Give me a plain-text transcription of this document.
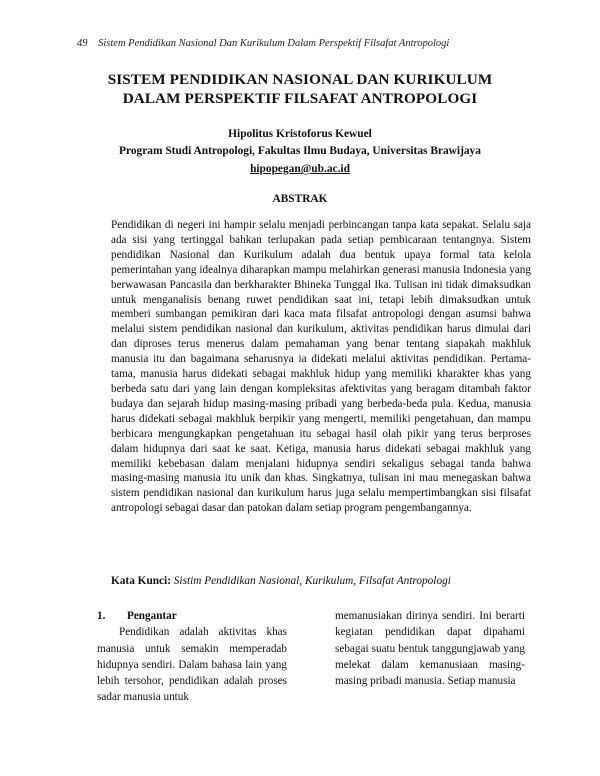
49 Sistem Pendidikan Nasional Dan Kurikulum Dalam Perspektif Filsafat Antropologi
SISTEM PENDIDIKAN NASIONAL DAN KURIKULUM
DALAM PERSPEKTIF FILSAFAT ANTROPOLOGI
Hipolitus Kristoforus Kewuel
Program Studi Antropologi, Fakultas Ilmu Budaya, Universitas Brawijaya
hipopegan@ub.ac.id
ABSTRAK

Pendidikan di negeri ini hampir selalu menjadi perbincangan tanpa kata sepakat. Selalu saja ada sisi yang tertinggal bahkan terlupakan pada setiap pembicaraan tentangnya. Sistem pendidikan Nasional dan Kurikulum adalah dua bentuk upaya formal tata kelola pemerintahan yang idealnya diharapkan mampu melahirkan generasi manusia Indonesia yang berwawasan Pancasila dan berkharakter Bhineka Tunggal Ika. Tulisan ini tidak dimaksudkan untuk menganalisis benang ruwet pendidikan saat ini, tetapi lebih dimaksudkan untuk memberi sumbangan pemikiran dari kaca mata filsafat antropologi dengan asumsi bahwa melalui sistem pendidikan nasional dan kurikulum, aktivitas pendidikan harus dimulai dari dan diproses terus menerus dalam pemahaman yang benar tentang siapakah makhluk manusia itu dan bagaimana seharusnya ia didekati melalui aktivitas pendidikan. Pertama-tama, manusia harus didekati sebagai makhluk hidup yang memiliki kharakter khas yang berbeda satu dari yang lain dengan kompleksitas afektivitas yang beragam ditambah faktor budaya dan sejarah hidup masing-masing pribadi yang berbeda-beda pula. Kedua, manusia harus didekati sebagai makhluk berpikir yang mengerti, memiliki pengetahuan, dan mampu berbicara mengungkapkan pengetahuan itu sebagai hasil olah pikir yang terus berproses dalam hidupnya dari saat ke saat. Ketiga, manusia harus didekati sebagai makhluk yang memiliki kebebasan dalam menjalani hidupnya sendiri sekaligus sebagai tanda bahwa masing-masing manusia itu unik dan khas. Singkatnya, tulisan ini mau menegaskan bahwa sistem pendidikan nasional dan kurikulum harus juga selalu mempertimbangkan sisi filsafat antropologi sebagai dasar dan patokan dalam setiap program pengembangannya.

Kata Kunci: Sistim Pendidikan Nasional, Kurikulum, Filsafat Antropologi

1. Pengantar

Pendidikan adalah aktivitas khas manusia untuk semakin memperadab hidupnya sendiri. Dalam bahasa lain yang lebih tersohor, pendidikan adalah proses sadar manusia untuk

memanusiakan dirinya sendiri. Ini berarti kegiatan pendidikan dapat dipahami sebagai suatu bentuk tanggungjawab yang melekat dalam kemanusiaan masing-masing pribadi manusia. Setiap manusia
